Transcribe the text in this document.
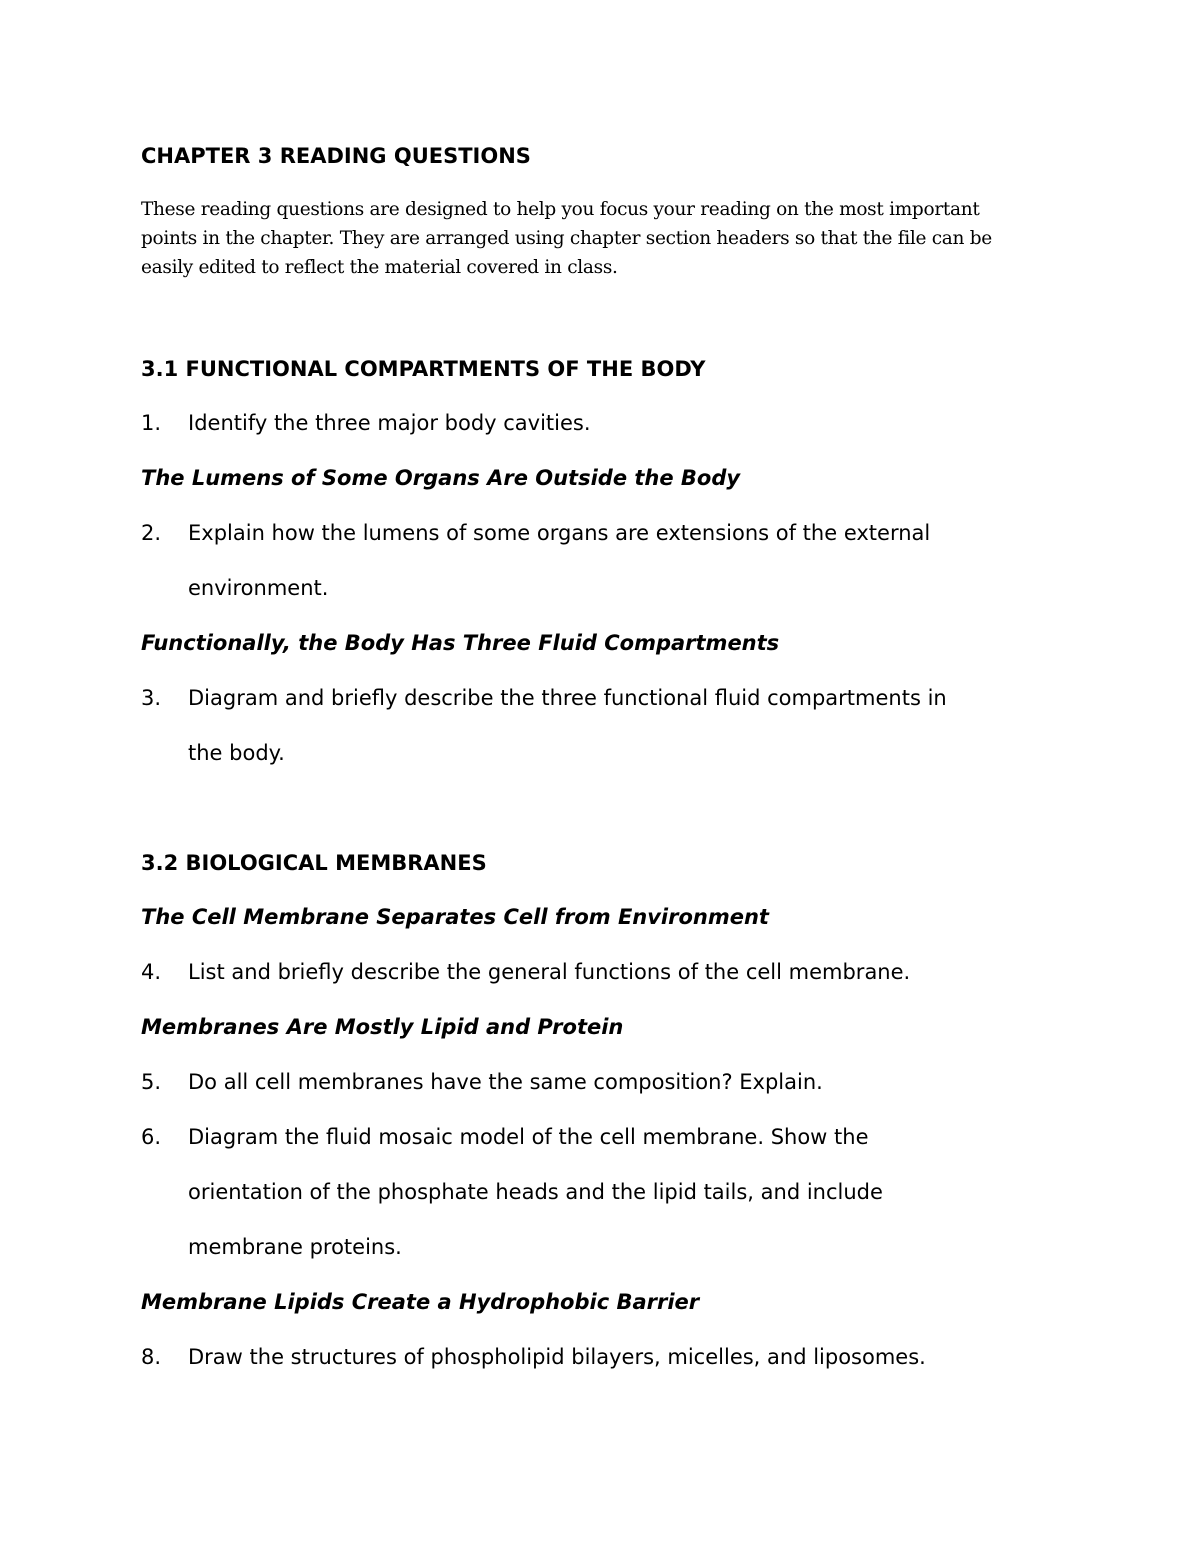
CHAPTER 3 READING QUESTIONS

These reading questions are designed to help you focus your reading on the most important

points in the chapter. They are arranged using chapter section headers so that the file can be

easily edited to reflect the material covered in class.

3.1 FUNCTIONAL COMPARTMENTS OF THE BODY
1. Identify the three major body cavities.
The Lumens of Some Organs Are Outside the Body
2. Explain how the lumens of some organs are extensions of the external

environment.

Functionally, the Body Has Three Fluid Compartments
3. Diagram and briefly describe the three functional fluid compartments in

the body.

3.2 BIOLOGICAL MEMBRANES
The Cell Membrane Separates Cell from Environment
4. List and briefly describe the general functions of the cell membrane.
Membranes Are Mostly Lipid and Protein
5. Do all cell membranes have the same composition? Explain.
6. Diagram the fluid mosaic model of the cell membrane. Show the

orientation of the phosphate heads and the lipid tails, and include

membrane proteins.

Membrane Lipids Create a Hydrophobic Barrier
8. Draw the structures of phospholipid bilayers, micelles, and liposomes.
